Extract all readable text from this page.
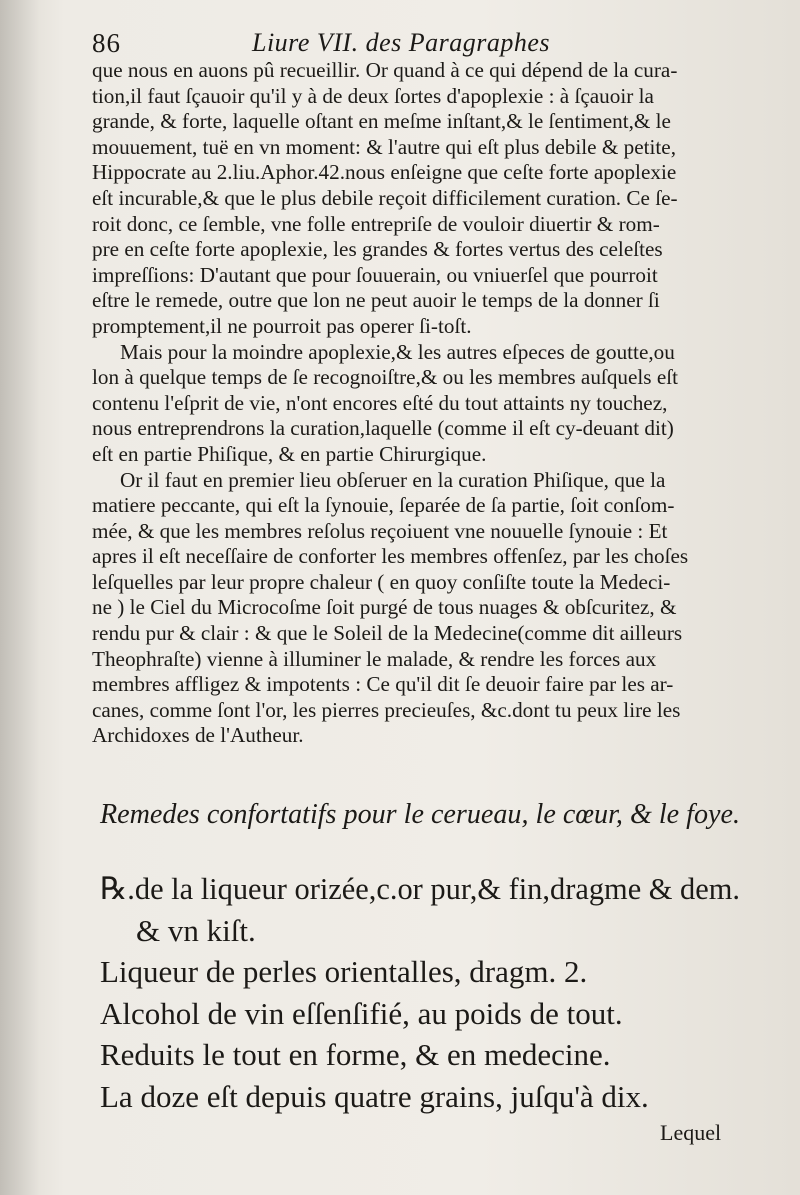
86	Liure VII. des Paragraphes
que nous en auons pû recueillir. Or quand à ce qui dépend de la cura-
tion,il faut ſçauoir qu'il y à de deux ſortes d'apoplexie : à ſçauoir la
grande, & forte, laquelle oſtant en meſme inſtant,& le ſentiment,& le
mouuement, tuë en vn moment: & l'autre qui eſt plus debile & petite,
Hippocrate au 2.liu.Aphor.42.nous enſeigne que ceſte forte apoplexie
eſt incurable,& que le plus debile reçoit difficilement curation. Ce ſe-
roit donc, ce ſemble, vne folle entrepriſe de vouloir diuertir & rom-
pre en ceſte forte apoplexie, les grandes & fortes vertus des celeſtes
impreſſions: D'autant que pour ſouuerain, ou vniuerſel que pourroit
eſtre le remede, outre que lon ne peut auoir le temps de la donner ſi
promptement,il ne pourroit pas operer ſi-toſt.
Mais pour la moindre apoplexie,& les autres eſpeces de goutte,ou
lon à quelque temps de ſe recognoiſtre,& ou les membres auſquels eſt
contenu l'eſprit de vie, n'ont encores eſté du tout attaints ny touchez,
nous entreprendrons la curation,laquelle (comme il eſt cy-deuant dit)
eſt en partie Phiſique, & en partie Chirurgique.
Or il faut en premier lieu obſeruer en la curation Phiſique, que la
matiere peccante, qui eſt la ſynouie, ſeparée de ſa partie, ſoit conſom-
mée, & que les membres reſolus reçoiuent vne nouuelle ſynouie : Et
apres il eſt neceſſaire de conforter les membres offenſez, par les choſes
leſquelles par leur propre chaleur ( en quoy conſiſte toute la Medeci-
ne ) le Ciel du Microcoſme ſoit purgé de tous nuages & obſcuritez, &
rendu pur & clair : & que le Soleil de la Medecine(comme dit ailleurs
Theophraſte) vienne à illuminer le malade, & rendre les forces aux
membres affligez & impotents : Ce qu'il dit ſe deuoir faire par les ar-
canes, comme ſont l'or, les pierres precieuſes, &c.dont tu peux lire les
Archidoxes de l'Autheur.
Remedes confortatifs pour le cerueau, le cœur, & le foye.
℞.de la liqueur orizée,c.or pur,& fin,dragme & dem.
& vn kiſt.
Liqueur de perles orientalles, dragm. 2.
Alcohol de vin eſſenſifié, au poids de tout.
Reduits le tout en forme, & en medecine.
La doze eſt depuis quatre grains, juſqu'à dix.
Lequel
